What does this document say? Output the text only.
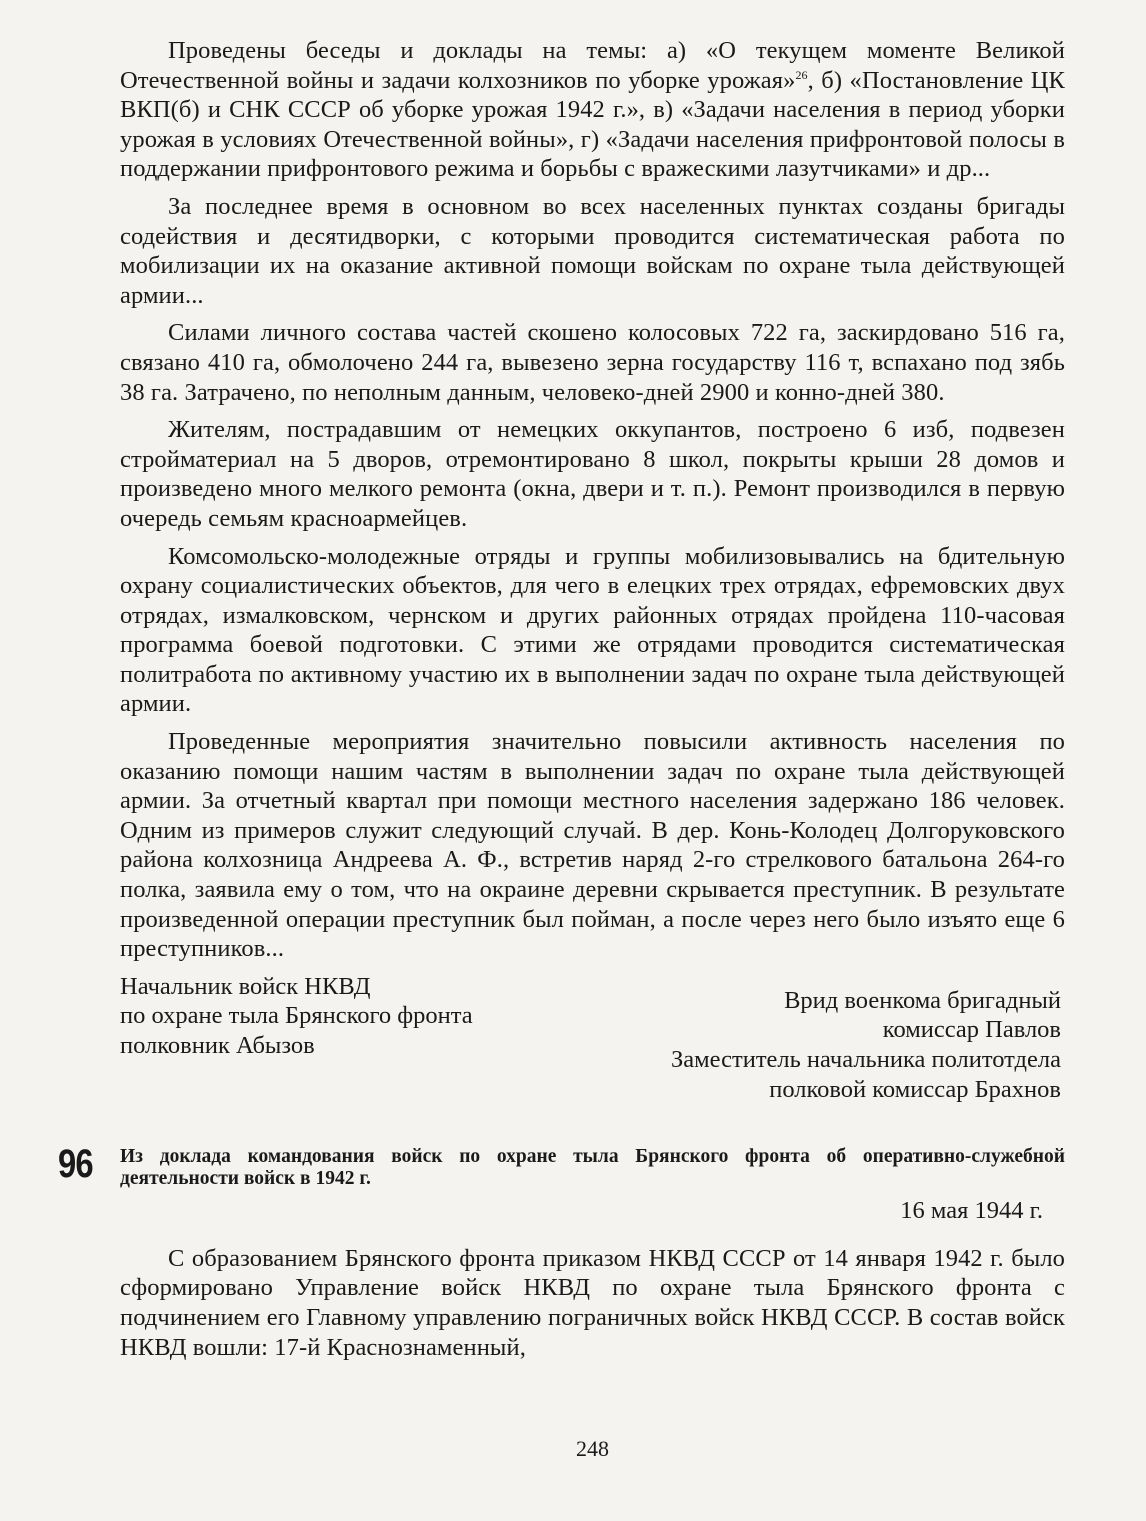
Проведены беседы и доклады на темы: а) «О текущем моменте Великой Отечественной войны и задачи колхозников по уборке урожая»$^{26}$, б) «Постановление ЦК ВКП(б) и СНК СССР об уборке урожая 1942 г.», в) «Задачи населения в период уборки урожая в условиях Отечественной войны», г) «Задачи населения прифронтовой полосы в поддержании прифронтового режима и борьбы с вражескими лазутчиками» и др...

За последнее время в основном во всех населенных пунктах созданы бригады содействия и десятидворки, с которыми проводится систематическая работа по мобилизации их на оказание активной помощи войскам по охране тыла действующей армии...

Силами личного состава частей скошено колосовых 722 га, заскирдовано 516 га, связано 410 га, обмолочено 244 га, вывезено зерна государству 116 т, вспахано под зябь 38 га. Затрачено, по неполным данным, человеко-дней 2900 и конно-дней 380.

Жителям, пострадавшим от немецких оккупантов, построено 6 изб, подвезен стройматериал на 5 дворов, отремонтировано 8 школ, покрыты крыши 28 домов и произведено много мелкого ремонта (окна, двери и т. п.). Ремонт производился в первую очередь семьям красноармейцев.

Комсомольско-молодежные отряды и группы мобилизовывались на бдительную охрану социалистических объектов, для чего в елецких трех отрядах, ефремовских двух отрядах, измалковском, чернском и других районных отрядах пройдена 110-часовая программа боевой подготовки. С этими же отрядами проводится систематическая политработа по активному участию их в выполнении задач по охране тыла действующей армии.

Проведенные мероприятия значительно повысили активность населения по оказанию помощи нашим частям в выполнении задач по охране тыла действующей армии. За отчетный квартал при помощи местного населения задержано 186 человек. Одним из примеров служит следующий случай. В дер. Конь-Колодец Долгоруковского района колхозница Андреева А. Ф., встретив наряд 2-го стрелкового батальона 264-го полка, заявила ему о том, что на окраине деревни скрывается преступник. В результате произведенной операции преступник был пойман, а после через него было изъято еще 6 преступников...

Начальник войск НКВД
по охране тыла Брянского фронта
полковник Абызов
Врид военкома бригадный
комиссар Павлов
Заместитель начальника политотдела
полковой комиссар Брахнов
96 Из доклада командования войск по охране тыла Брянского фронта об оперативно-служебной деятельности войск в 1942 г.

16 мая 1944 г.

С образованием Брянского фронта приказом НКВД СССР от 14 января 1942 г. было сформировано Управление войск НКВД по охране тыла Брянского фронта с подчинением его Главному управлению пограничных войск НКВД СССР. В состав войск НКВД вошли: 17-й Краснознаменный,

248
